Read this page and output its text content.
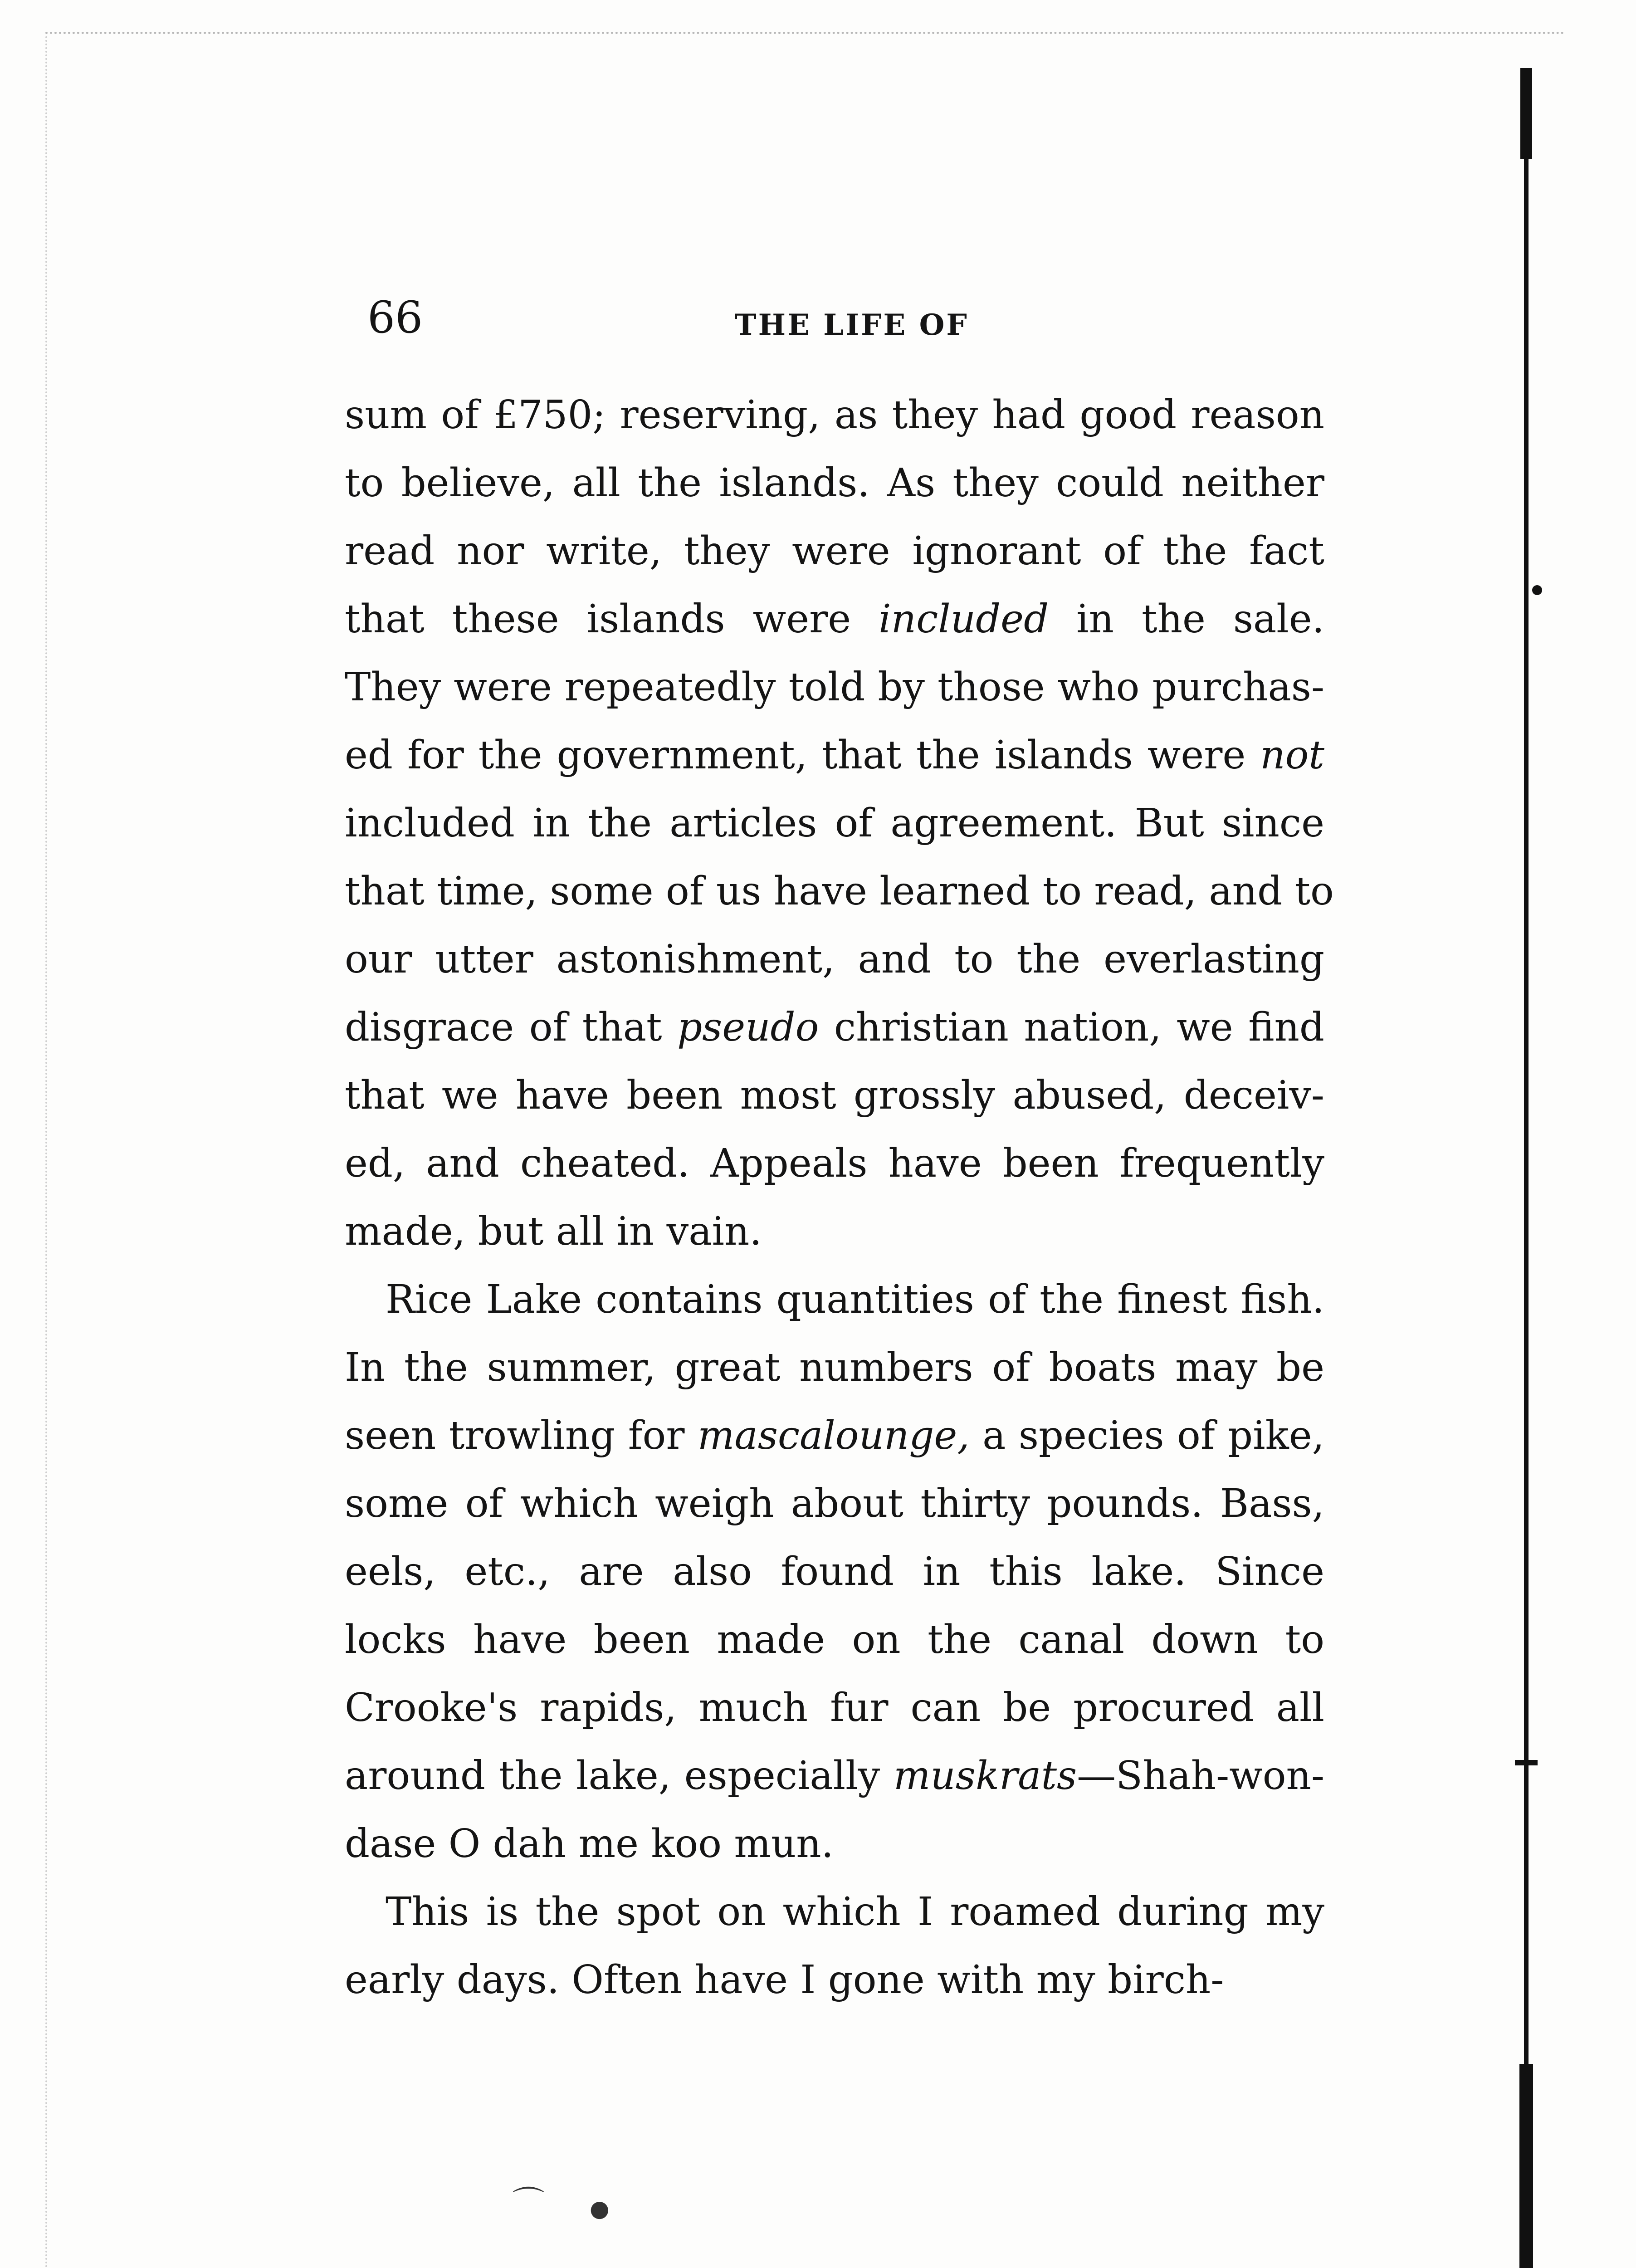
66	THE LIFE OF

sum of £750; reserving, as they had good reason
to believe, all the islands. As they could neither
read nor write, they were ignorant of the fact
that these islands were included in the sale.
They were repeatedly told by those who purchas-
ed for the government, that the islands were not
included in the articles of agreement. But since
that time, some of us have learned to read, and to
our utter astonishment, and to the everlasting
disgrace of that pseudo christian nation, we find
that we have been most grossly abused, deceiv-
ed, and cheated. Appeals have been frequently
made, but all in vain.
Rice Lake contains quantities of the finest fish.
In the summer, great numbers of boats may be
seen trowling for mascalounge, a species of pike,
some of which weigh about thirty pounds. Bass,
eels, etc., are also found in this lake. Since
locks have been made on the canal down to
Crooke's rapids, much fur can be procured all
around the lake, especially muskrats—Shah-won-
dase O dah me koo mun.
This is the spot on which I roamed during my
early days. Often have I gone with my birch-
⌒ ●
